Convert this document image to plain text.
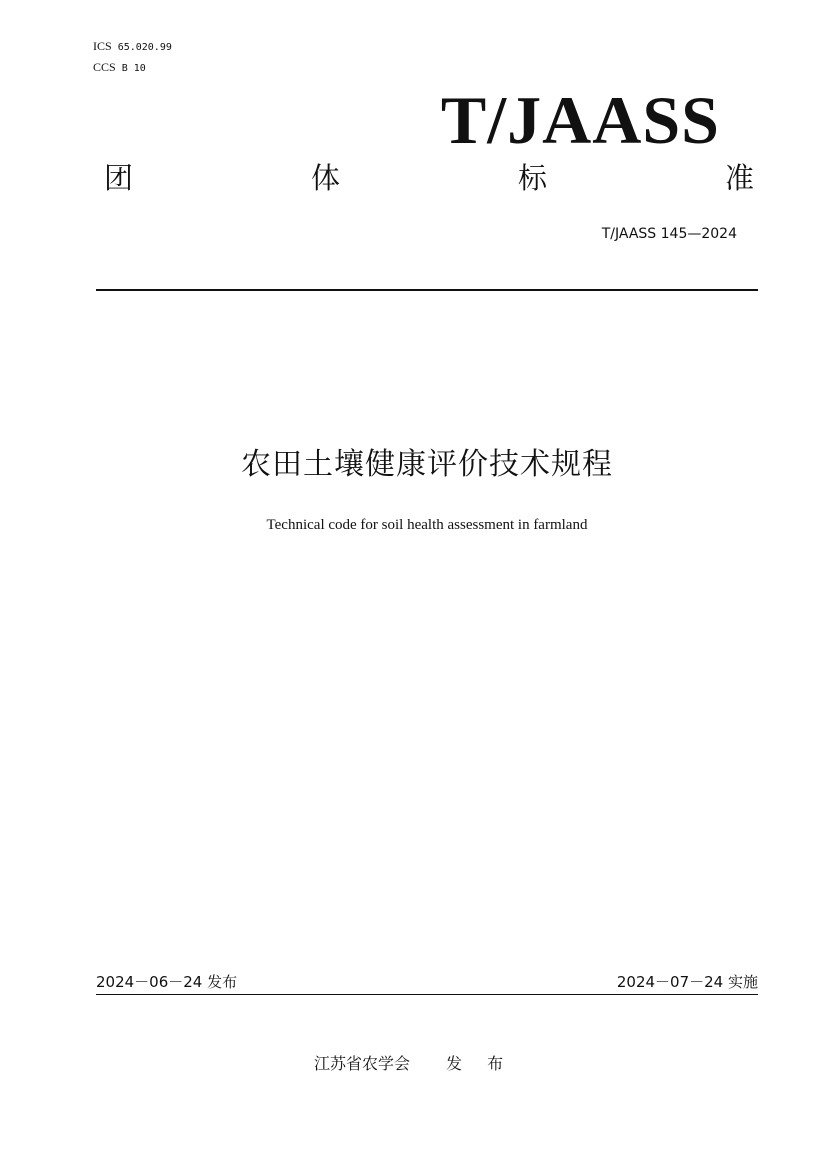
ICS 65.020.99
CCS B 10
T/JAASS
团	体	标	准
T/JAASS 145—2024
农田土壤健康评价技术规程
Technical code for soil health assessment in farmland
2024－06－24 发布	2024－07－24 实施
江苏省农学会 发 布
